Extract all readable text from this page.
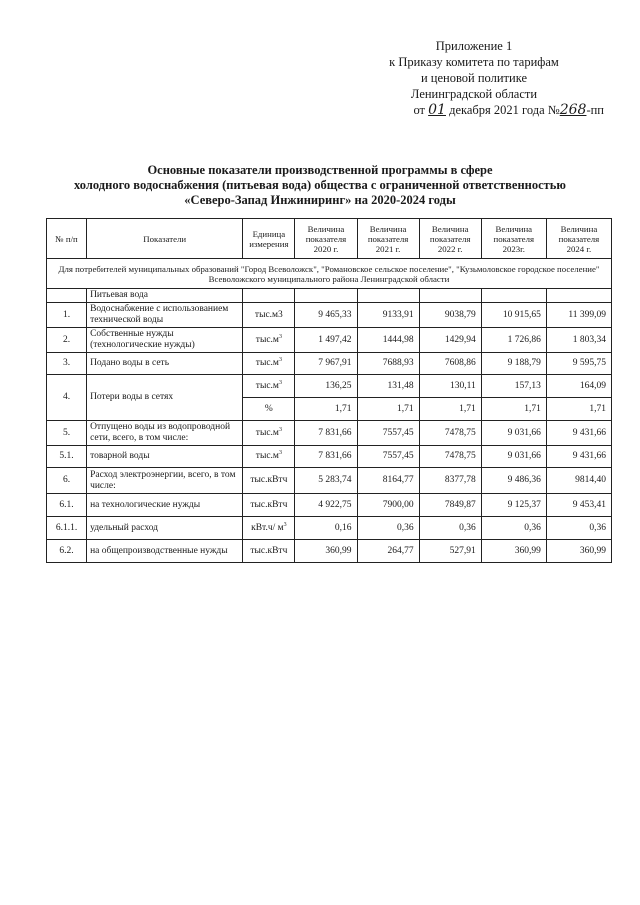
Приложение 1
к Приказу комитета по тарифам
и ценовой политике
Ленинградской области
от 01 декабря 2021 года №268-пп
Основные показатели производственной программы в сфере
холодного водоснабжения (питьевая вода) общества с ограниченной ответственностью
«Северо-Запад Инжиниринг» на 2020-2024 годы
№ п/п	Показатели	Единица измерения	Величина показателя 2020 г.	Величина показателя 2021 г.	Величина показателя 2022 г.	Величина показателя 2023г.	Величина показателя 2024 г.
Для потребителей муниципальных образований "Город Всеволожск", "Романовское сельское поселение", "Кузьмоловское городское поселение" Всеволожского муниципального района Ленинградской области							
	Питьевая вода						
1.	Водоснабжение с использованием технической воды	тыс.м3	9 465,33	9133,91	9038,79	10 915,65	11 399,09
2.	Собственные нужды (технологические нужды)	$тыс.м^3$	1 497,42	1444,98	1429,94	1 726,86	1 803,34
3.	Подано воды в сеть	$тыс.м^3$	7 967,91	7688,93	7608,86	9 188,79	9 595,75
4.	Потери воды в сетях	$тыс.м^3$	136,25	131,48	130,11	157,13	164,09
		%	1,71	1,71	1,71	1,71	1,71
5.	Отпущено воды из водопроводной сети, всего, в том числе:	$тыс.м^3$	7 831,66	7557,45	7478,75	9 031,66	9 431,66
5.1.	товарной воды	$тыс.м^3$	7 831,66	7557,45	7478,75	9 031,66	9 431,66
6.	Расход электроэнергии, всего, в том числе:	тыс.кВтч	5 283,74	8164,77	8377,78	9 486,36	9814,40
6.1.	на технологические нужды	тыс.кВтч	4 922,75	7900,00	7849,87	9 125,37	9 453,41
6.1.1.	удельный расход	кВт.ч/ $м^3$	0,16	0,36	0,36	0,36	0,36
6.2.	на общепроизводственные нужды	тыс.кВтч	360,99	264,77	527,91	360,99	360,99
